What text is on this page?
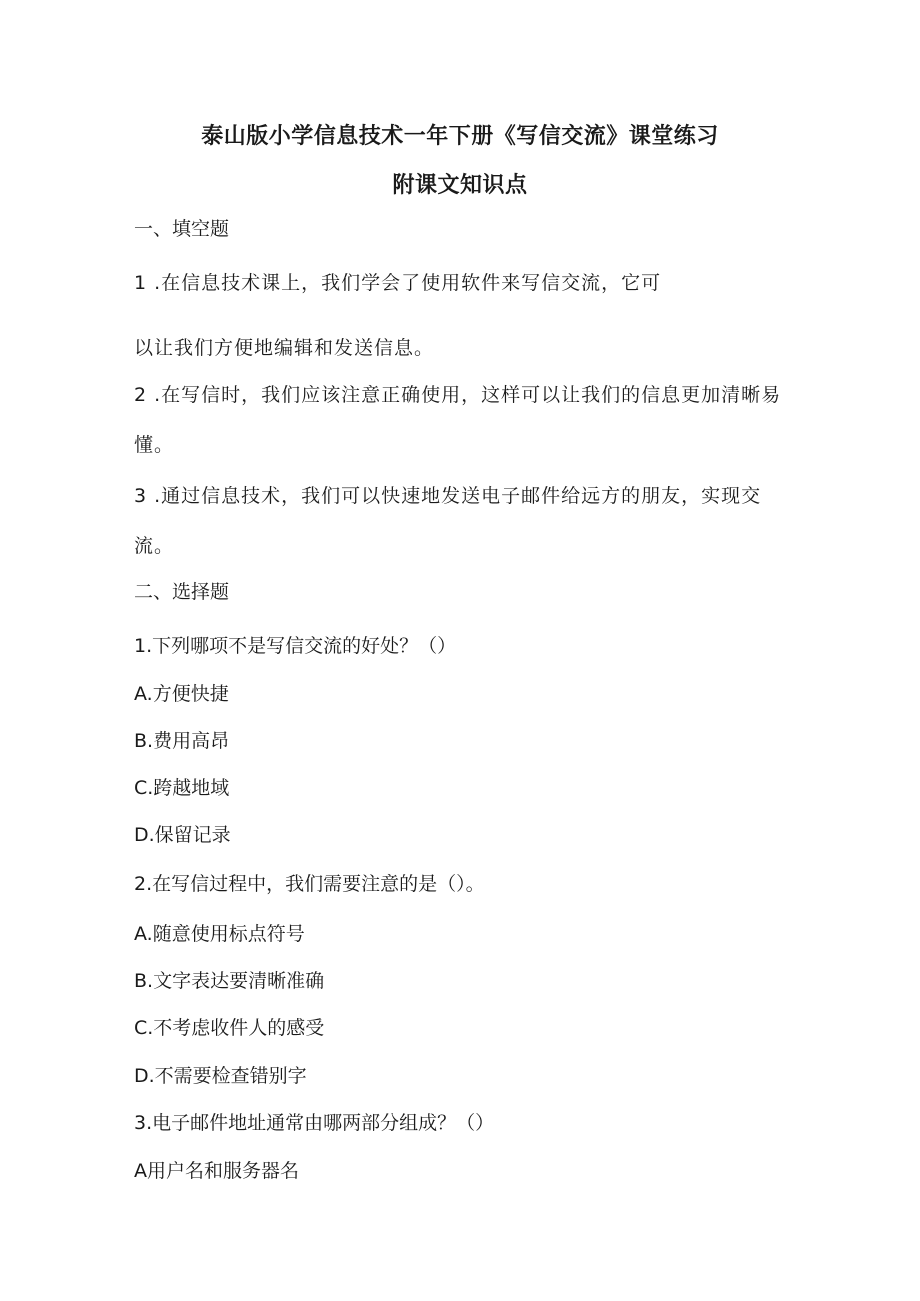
泰山版小学信息技术一年下册《写信交流》课堂练习
附课文知识点
一、填空题
1 .在信息技术课上，我们学会了使用软件来写信交流，它可
以让我们方便地编辑和发送信息。
2 .在写信时，我们应该注意正确使用，这样可以让我们的信息更加清晰易
懂。
3 .通过信息技术，我们可以快速地发送电子邮件给远方的朋友，实现交
流。
二、选择题
1.下列哪项不是写信交流的好处？（）
A.方便快捷
B.费用高昂
C.跨越地域
D.保留记录
2.在写信过程中，我们需要注意的是（）。
A.随意使用标点符号
B.文字表达要清晰准确
C.不考虑收件人的感受
D.不需要检查错别字
3.电子邮件地址通常由哪两部分组成？（）
A用户名和服务器名
